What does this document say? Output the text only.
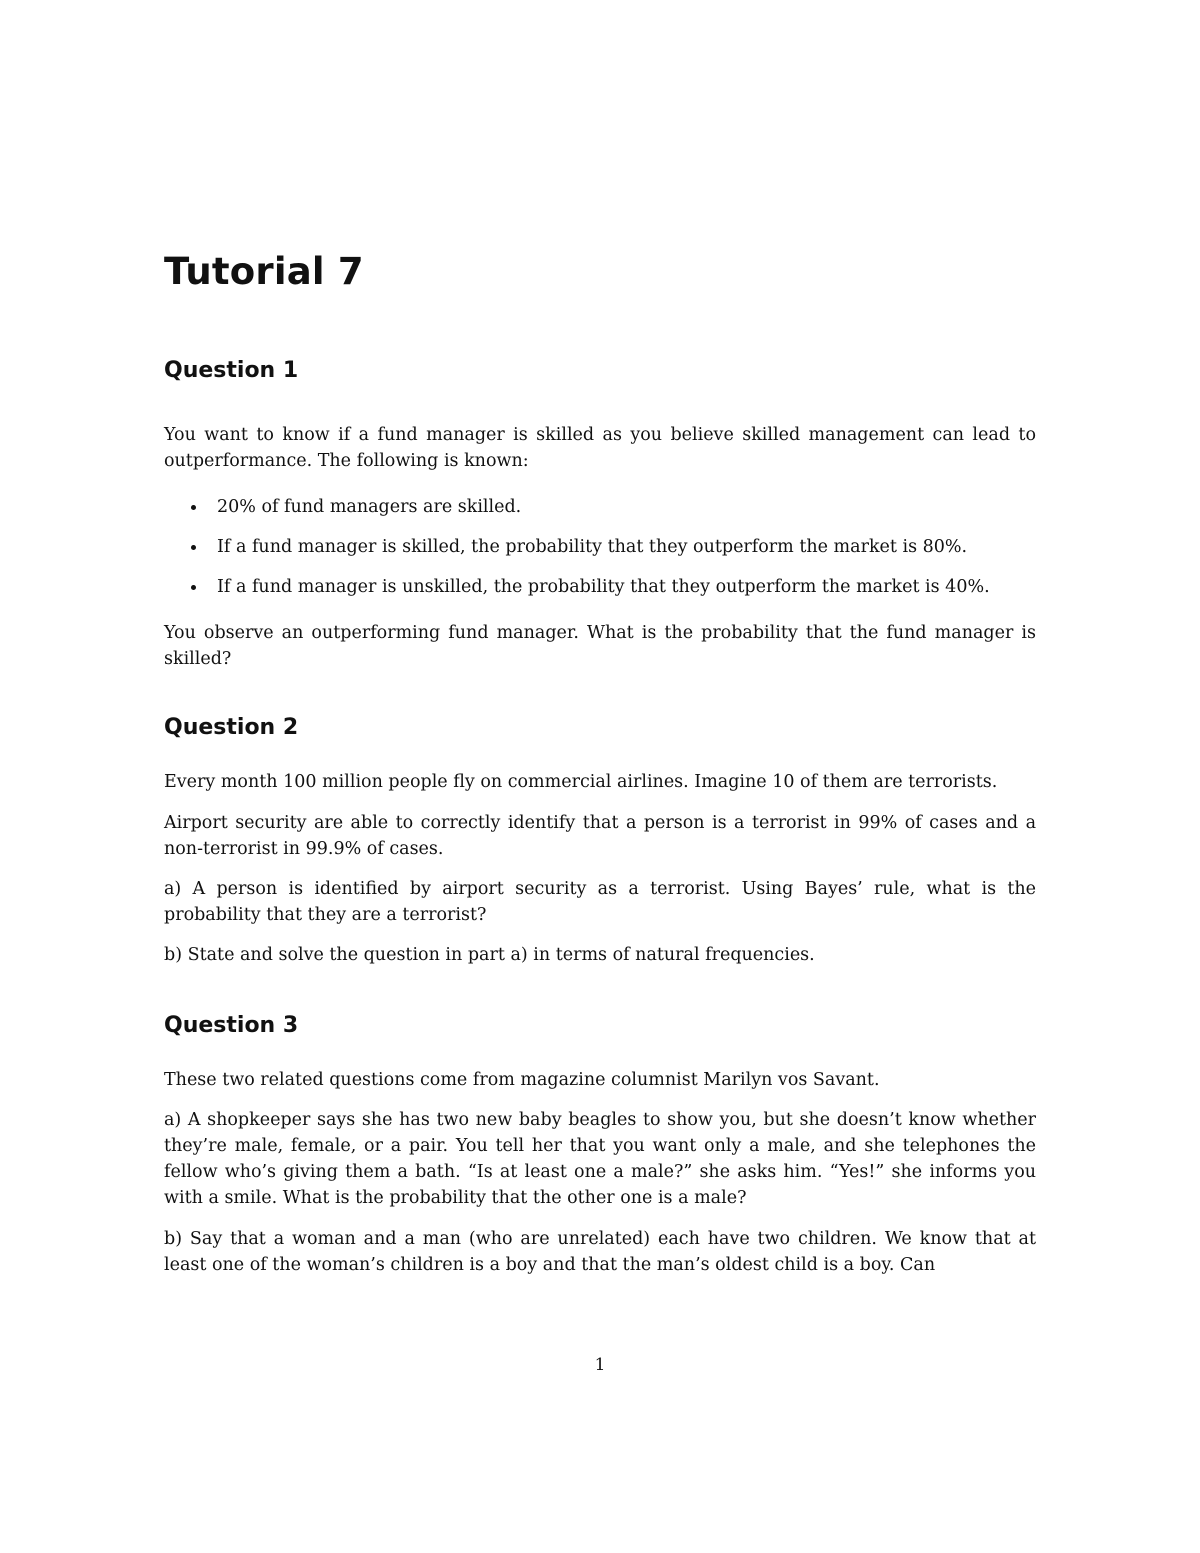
Tutorial 7
Question 1

You want to know if a fund manager is skilled as you believe skilled management can lead to outperformance. The following is known:

20% of fund managers are skilled.
If a fund manager is skilled, the probability that they outperform the market is 80%.
If a fund manager is unskilled, the probability that they outperform the market is 40%.

You observe an outperforming fund manager. What is the probability that the fund manager is skilled?

Question 2

Every month 100 million people fly on commercial airlines. Imagine 10 of them are terrorists.

Airport security are able to correctly identify that a person is a terrorist in 99% of cases and a non-terrorist in 99.9% of cases.

a) A person is identified by airport security as a terrorist. Using Bayes’ rule, what is the probability that they are a terrorist?

b) State and solve the question in part a) in terms of natural frequencies.

Question 3

These two related questions come from magazine columnist Marilyn vos Savant.

a) A shopkeeper says she has two new baby beagles to show you, but she doesn’t know whether they’re male, female, or a pair. You tell her that you want only a male, and she telephones the fellow who’s giving them a bath. “Is at least one a male?” she asks him. “Yes!” she informs you with a smile. What is the probability that the other one is a male?

b) Say that a woman and a man (who are unrelated) each have two children. We know that at least one of the woman’s children is a boy and that the man’s oldest child is a boy. Can

1
